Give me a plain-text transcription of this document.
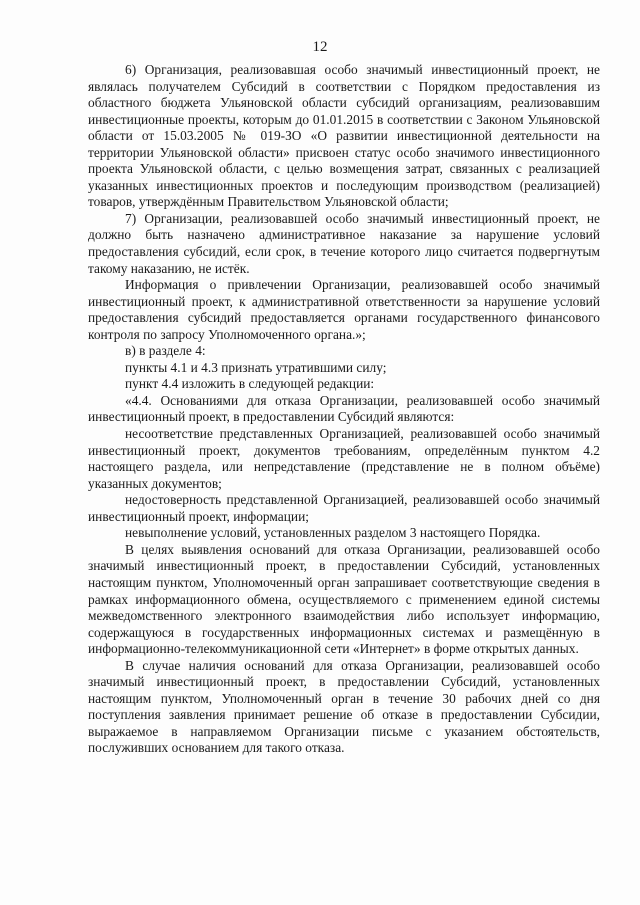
12

6) Организация, реализовавшая особо значимый инвестиционный проект, не являлась получателем Субсидий в соответствии с Порядком предоставления из областного бюджета Ульяновской области субсидий организациям, реализовавшим инвестиционные проекты, которым до 01.01.2015 в соответствии с Законом Ульяновской области от 15.03.2005 № 019-ЗО «О развитии инвестиционной деятельности на территории Ульяновской области» присвоен статус особо значимого инвестиционного проекта Ульяновской области, с целью возмещения затрат, связанных с реализацией указанных инвестиционных проектов и последующим производством (реализацией) товаров, утверждённым Правительством Ульяновской области;

7) Организации, реализовавшей особо значимый инвестиционный проект, не должно быть назначено административное наказание за нарушение условий предоставления субсидий, если срок, в течение которого лицо считается подвергнутым такому наказанию, не истёк.

Информация о привлечении Организации, реализовавшей особо значимый инвестиционный проект, к административной ответственности за нарушение условий предоставления субсидий предоставляется органами государственного финансового контроля по запросу Уполномоченного органа.»;

в) в разделе 4:

пункты 4.1 и 4.3 признать утратившими силу;

пункт 4.4 изложить в следующей редакции:

«4.4. Основаниями для отказа Организации, реализовавшей особо значимый инвестиционный проект, в предоставлении Субсидий являются:

несоответствие представленных Организацией, реализовавшей особо значимый инвестиционный проект, документов требованиям, определённым пунктом 4.2 настоящего раздела, или непредставление (представление не в полном объёме) указанных документов;

недостоверность представленной Организацией, реализовавшей особо значимый инвестиционный проект, информации;

невыполнение условий, установленных разделом 3 настоящего Порядка.

В целях выявления оснований для отказа Организации, реализовавшей особо значимый инвестиционный проект, в предоставлении Субсидий, установленных настоящим пунктом, Уполномоченный орган запрашивает соответствующие сведения в рамках информационного обмена, осуществляемого с применением единой системы межведомственного электронного взаимодействия либо использует информацию, содержащуюся в государственных информационных системах и размещённую в информационно-телекоммуникационной сети «Интернет» в форме открытых данных.

В случае наличия оснований для отказа Организации, реализовавшей особо значимый инвестиционный проект, в предоставлении Субсидий, установленных настоящим пунктом, Уполномоченный орган в течение 30 рабочих дней со дня поступления заявления принимает решение об отказе в предоставлении Субсидии, выражаемое в направляемом Организации письме с указанием обстоятельств, послуживших основанием для такого отказа.
